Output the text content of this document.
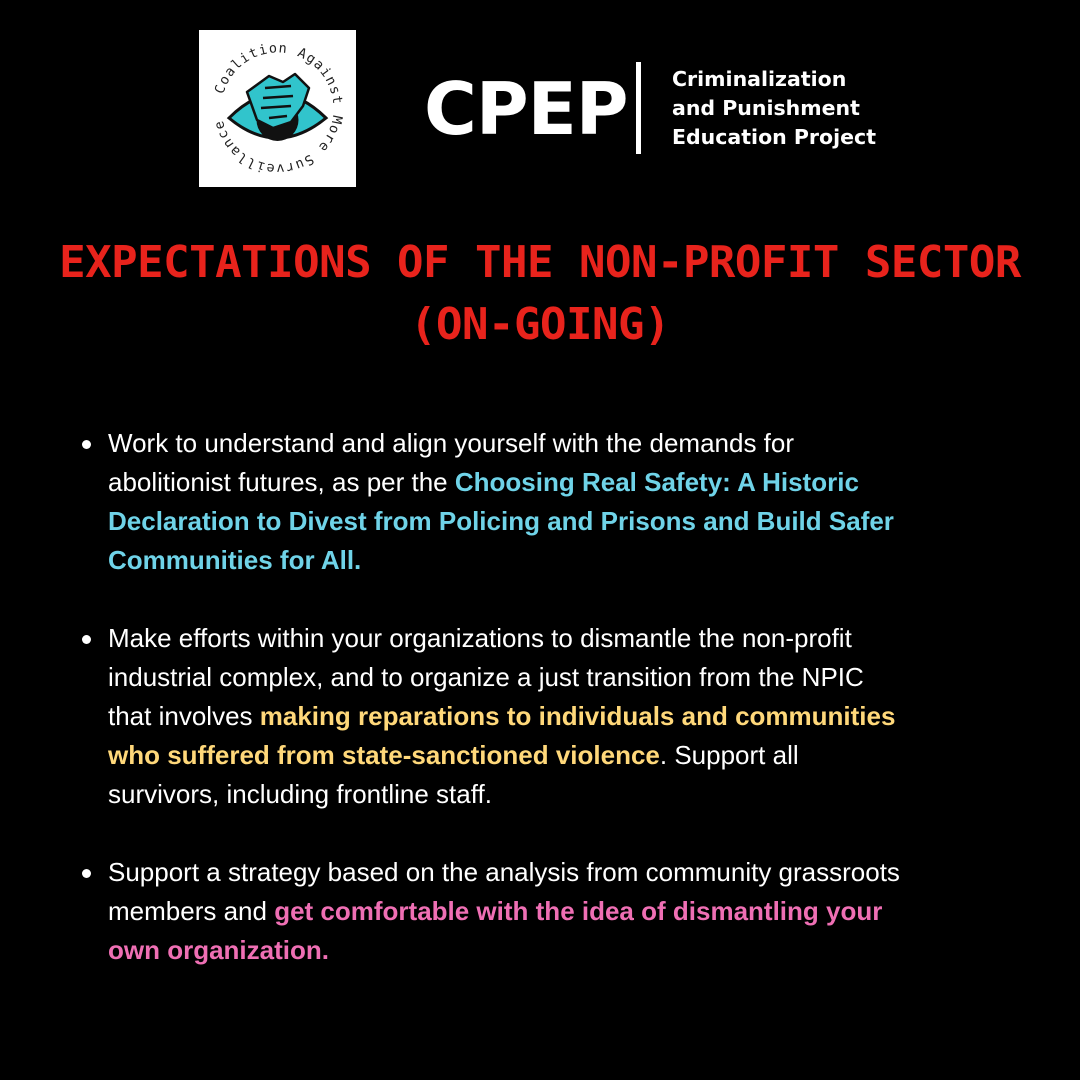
Coalition Against More Surveillance	CPEP Criminalization
and Punishment
Education Project
EXPECTATIONS OF THE NON-PROFIT SECTOR
(ON-GOING)
Work to understand and align yourself with the demands for
abolitionist futures, as per the Choosing Real Safety: A Historic
Declaration to Divest from Policing and Prisons and Build Safer
Communities for All.
Make efforts within your organizations to dismantle the non-profit
industrial complex, and to organize a just transition from the NPIC
that involves making reparations to individuals and communities
who suffered from state-sanctioned violence. Support all
survivors, including frontline staff.
Support a strategy based on the analysis from community grassroots
members and get comfortable with the idea of dismantling your
own organization.
